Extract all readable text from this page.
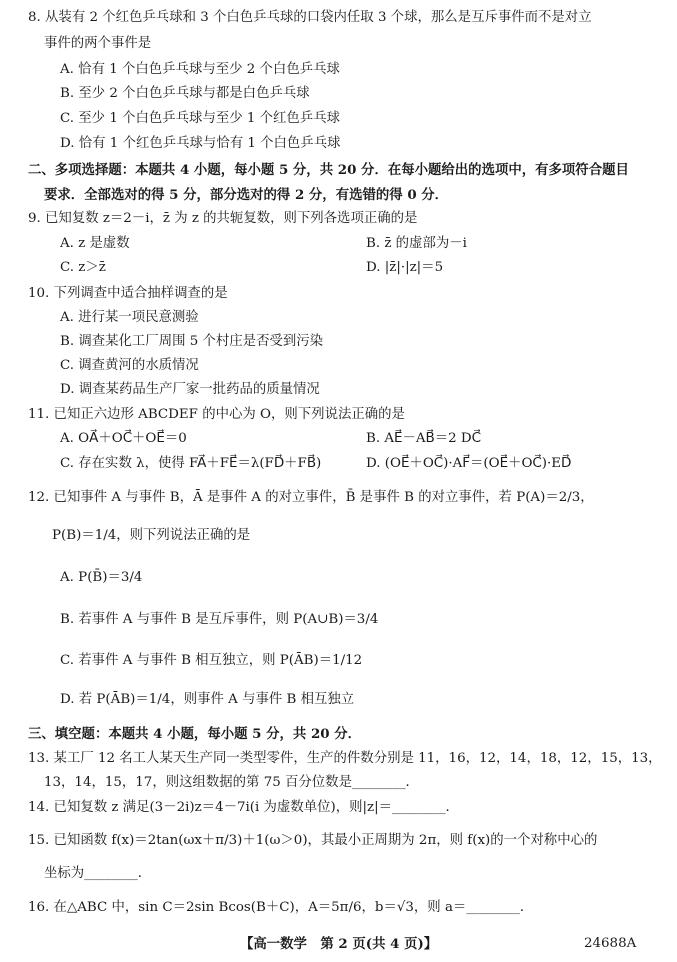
8. 从装有 2 个红色乒乓球和 3 个白色乒乓球的口袋内任取 3 个球，那么是互斥事件而不是对立
事件的两个事件是
A. 恰有 1 个白色乒乓球与至少 2 个白色乒乓球
B. 至少 2 个白色乒乓球与都是白色乒乓球
C. 至少 1 个白色乒乓球与至少 1 个红色乒乓球
D. 恰有 1 个红色乒乓球与恰有 1 个白色乒乓球
二、多项选择题：本题共 4 小题，每小题 5 分，共 20 分．在每小题给出的选项中，有多项符合题目
要求．全部选对的得 5 分，部分选对的得 2 分，有选错的得 0 分．
9. 已知复数 z＝2－i，z̄ 为 z 的共轭复数，则下列各选项正确的是
A. z 是虚数	B. z̄ 的虚部为－i
C. z＞z̄	D. |z̄|·|z|＝5
10. 下列调查中适合抽样调查的是
A. 进行某一项民意测验
B. 调查某化工厂周围 5 个村庄是否受到污染
C. 调查黄河的水质情况
D. 调查某药品生产厂家一批药品的质量情况
11. 已知正六边形 ABCDEF 的中心为 O，则下列说法正确的是
A. OA⃗＋OC⃗＋OE⃗＝0	B. AE⃗－AB⃗＝2 DC⃗
C. 存在实数 λ，使得 FA⃗＋FE⃗＝λ(FD⃗＋FB⃗)	D. (OE⃗＋OC⃗)·AF⃗＝(OE⃗＋OC⃗)·ED⃗
12. 已知事件 A 与事件 B，Ā 是事件 A 的对立事件，B̄ 是事件 B 的对立事件，若 P(A)＝2/3，
P(B)＝1/4，则下列说法正确的是
A. P(B̄)＝3/4
B. 若事件 A 与事件 B 是互斥事件，则 P(A∪B)＝3/4
C. 若事件 A 与事件 B 相互独立，则 P(ĀB)＝1/12
D. 若 P(ĀB)＝1/4，则事件 A 与事件 B 相互独立
三、填空题：本题共 4 小题，每小题 5 分，共 20 分．
13. 某工厂 12 名工人某天生产同一类型零件，生产的件数分别是 11，16，12，14，18，12，15，13，
13，14，15，17，则这组数据的第 75 百分位数是________．
14. 已知复数 z 满足(3－2i)z＝4－7i(i 为虚数单位)，则|z|＝________．
15. 已知函数 f(x)＝2tan(ωx＋π/3)＋1(ω＞0)，其最小正周期为 2π，则 f(x)的一个对称中心的
坐标为________．
16. 在△ABC 中，sin C＝2sin Bcos(B＋C)，A＝5π/6，b＝√3，则 a＝________．
【高一数学　第 2 页(共 4 页)】	24688A
